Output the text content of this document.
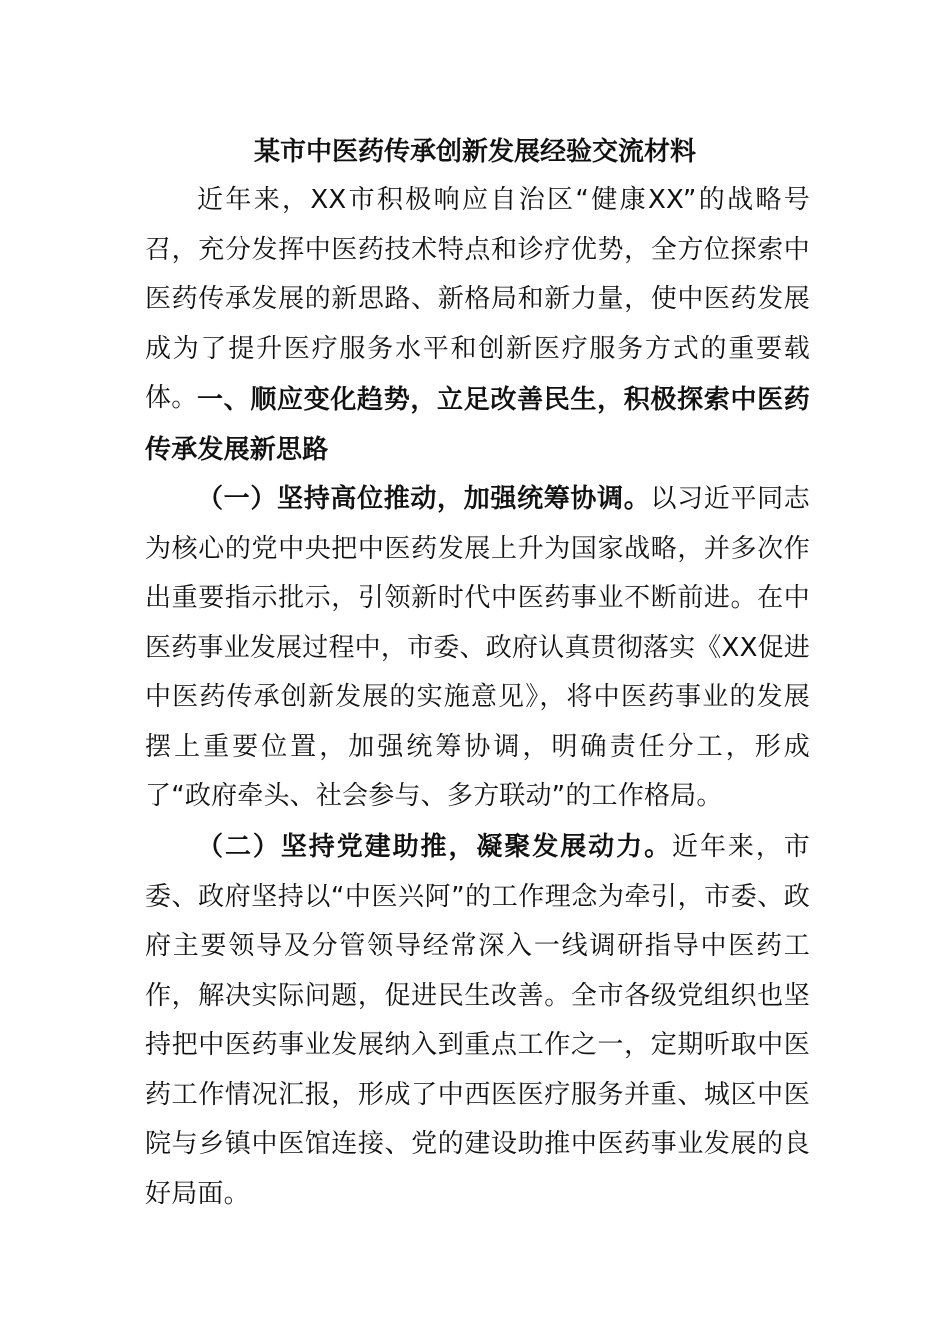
某市中医药传承创新发展经验交流材料

近年来，XX市积极响应自治区“健康XX”的战略号召，充分发挥中医药技术特点和诊疗优势，全方位探索中医药传承发展的新思路、新格局和新力量，使中医药发展成为了提升医疗服务水平和创新医疗服务方式的重要载体。 一、顺应变化趋势，立足改善民生，积极探索中医药传承发展新思路

（一）坚持高位推动，加强统筹协调。以习近平同志为核心的党中央把中医药发展上升为国家战略，并多次作出重要指示批示，引领新时代中医药事业不断前进。在中医药事业发展过程中，市委、政府认真贯彻落实《XX促进中医药传承创新发展的实施意见》，将中医药事业的发展摆上重要位置，加强统筹协调，明确责任分工，形成了“政府牵头、社会参与、多方联动”的工作格局。

（二）坚持党建助推，凝聚发展动力。近年来，市委、政府坚持以“中医兴阿”的工作理念为牵引，市委、政府主要领导及分管领导经常深入一线调研指导中医药工作，解决实际问题，促进民生改善。全市各级党组织也坚持把中医药事业发展纳入到重点工作之一，定期听取中医药工作情况汇报，形成了中西医医疗服务并重、城区中医院与乡镇中医馆连接、党的建设助推中医药事业发展的良好局面。
